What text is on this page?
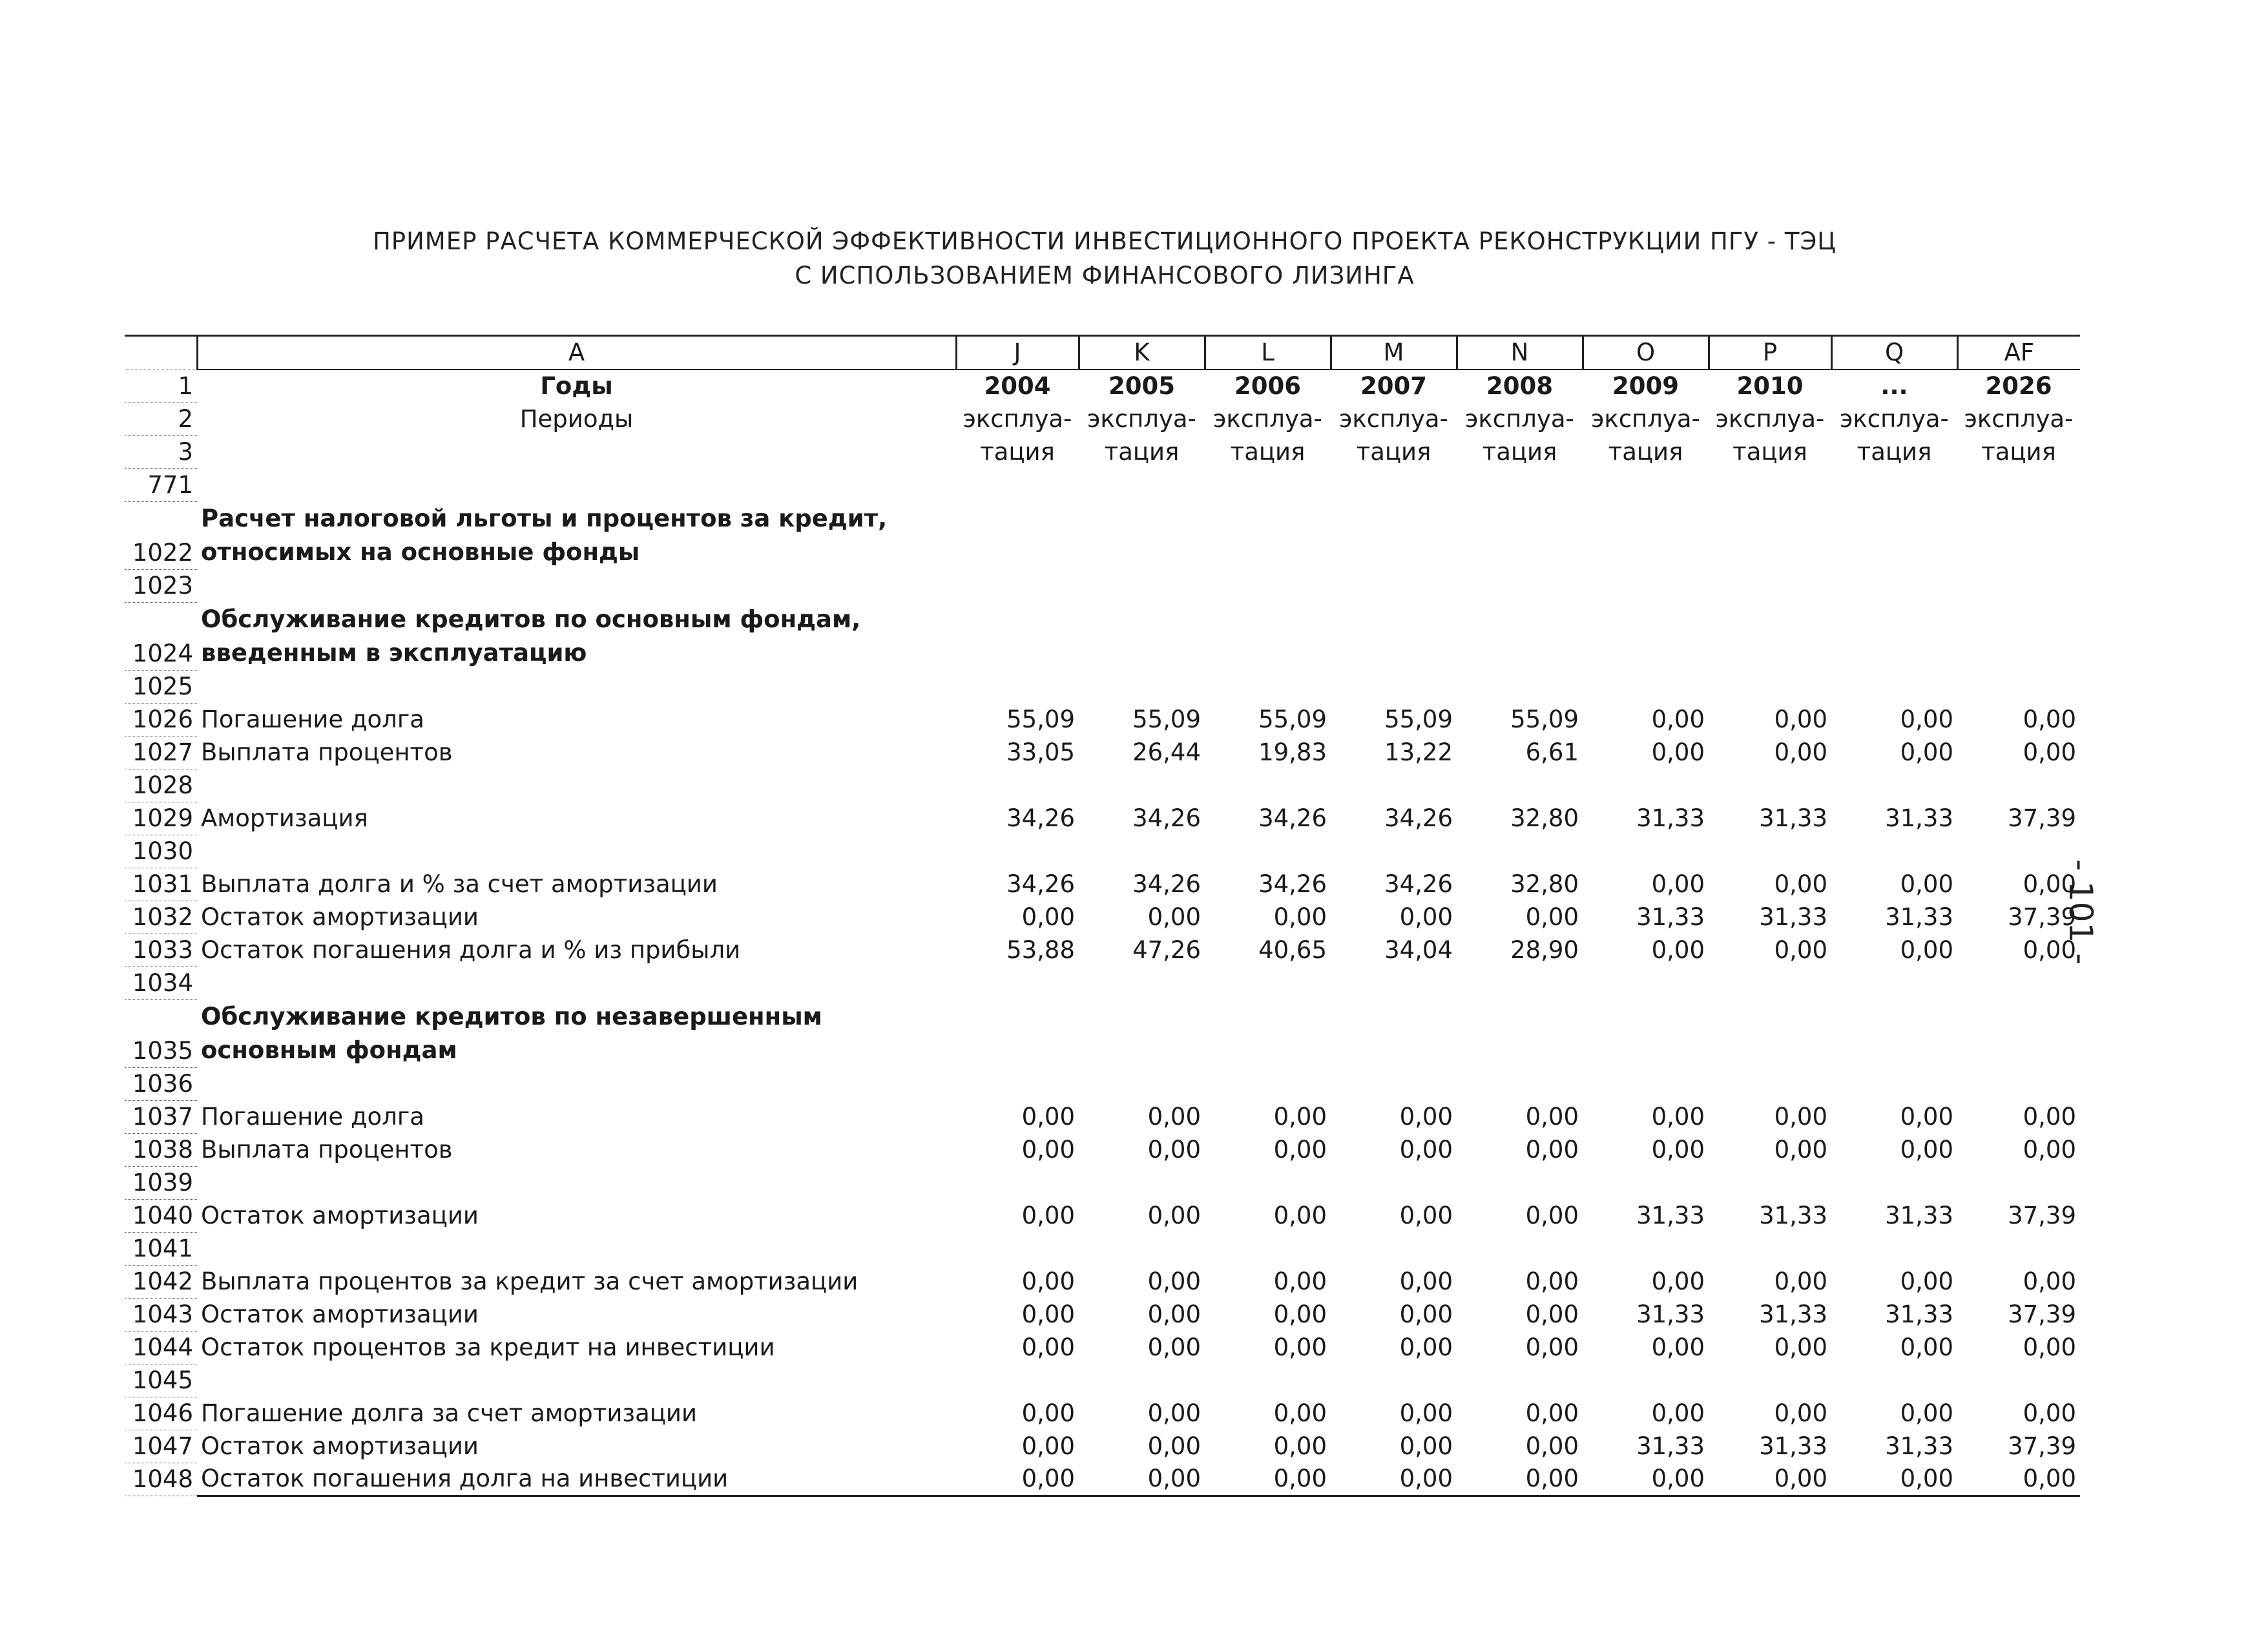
ПРИМЕР РАСЧЕТА КОММЕРЧЕСКОЙ ЭФФЕКТИВНОСТИ ИНВЕСТИЦИОННОГО ПРОЕКТА РЕКОНСТРУКЦИИ ПГУ - ТЭЦ
С ИСПОЛЬЗОВАНИЕМ ФИНАНСОВОГО ЛИЗИНГА
- 101 -
	A	J	K	L	M	N	O	P	Q	AF
1	Годы	2004	2005	2006	2007	2008	2009	2010	...	2026
2	Периоды	эксплуа-	эксплуа-	эксплуа-	эксплуа-	эксплуа-	эксплуа-	эксплуа-	эксплуа-	эксплуа-
3		тация	тация	тация	тация	тация	тация	тация	тация	тация
771										
1022	Расчет налоговой льготы и процентов за кредит, относимых на основные фонды									
1023										
1024	Обслуживание кредитов по основным фондам, введенным в эксплуатацию									
1025										
1026	Погашение долга	55,09	55,09	55,09	55,09	55,09	0,00	0,00	0,00	0,00
1027	Выплата процентов	33,05	26,44	19,83	13,22	6,61	0,00	0,00	0,00	0,00
1028										
1029	Амортизация	34,26	34,26	34,26	34,26	32,80	31,33	31,33	31,33	37,39
1030										
1031	Выплата долга и % за счет амортизации	34,26	34,26	34,26	34,26	32,80	0,00	0,00	0,00	0,00
1032	Остаток амортизации	0,00	0,00	0,00	0,00	0,00	31,33	31,33	31,33	37,39
1033	Остаток погашения долга и % из прибыли	53,88	47,26	40,65	34,04	28,90	0,00	0,00	0,00	0,00
1034										
1035	Обслуживание кредитов по незавершенным основным фондам									
1036										
1037	Погашение долга	0,00	0,00	0,00	0,00	0,00	0,00	0,00	0,00	0,00
1038	Выплата процентов	0,00	0,00	0,00	0,00	0,00	0,00	0,00	0,00	0,00
1039										
1040	Остаток амортизации	0,00	0,00	0,00	0,00	0,00	31,33	31,33	31,33	37,39
1041										
1042	Выплата процентов за кредит за счет амортизации	0,00	0,00	0,00	0,00	0,00	0,00	0,00	0,00	0,00
1043	Остаток амортизации	0,00	0,00	0,00	0,00	0,00	31,33	31,33	31,33	37,39
1044	Остаток процентов за кредит на инвестиции	0,00	0,00	0,00	0,00	0,00	0,00	0,00	0,00	0,00
1045										
1046	Погашение долга за счет амортизации	0,00	0,00	0,00	0,00	0,00	0,00	0,00	0,00	0,00
1047	Остаток амортизации	0,00	0,00	0,00	0,00	0,00	31,33	31,33	31,33	37,39
1048	Остаток погашения долга на инвестиции	0,00	0,00	0,00	0,00	0,00	0,00	0,00	0,00	0,00
